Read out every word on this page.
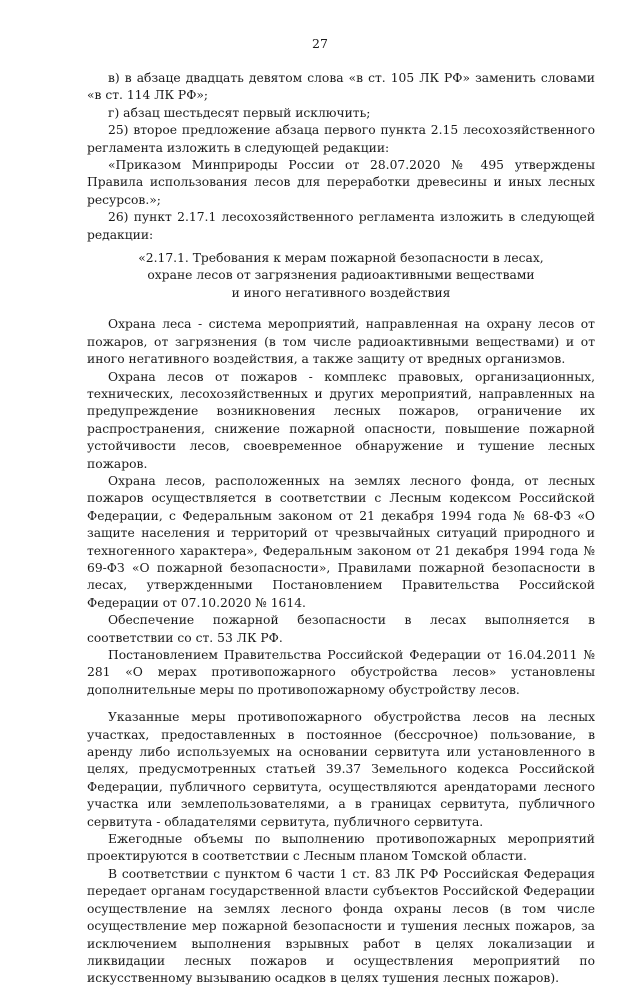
27

в) в абзаце двадцать девятом слова «в ст. 105 ЛК РФ» заменить словами «в ст. 114 ЛК РФ»;

г) абзац шестьдесят первый исключить;

25) второе предложение абзаца первого пункта 2.15 лесохозяйственного регламента изложить в следующей редакции:

«Приказом Минприроды России от 28.07.2020 № 495 утверждены Правила использования лесов для переработки древесины и иных лесных ресурсов.»;

26) пункт 2.17.1 лесохозяйственного регламента изложить в следующей редакции:

«2.17.1. Требования к мерам пожарной безопасности в лесах,
охране лесов от загрязнения радиоактивными веществами
и иного негативного воздействия

Охрана леса - система мероприятий, направленная на охрану лесов от пожаров, от загрязнения (в том числе радиоактивными веществами) и от иного негативного воздействия, а также защиту от вредных организмов.

Охрана лесов от пожаров - комплекс правовых, организационных, технических, лесохозяйственных и других мероприятий, направленных на предупреждение возникновения лесных пожаров, ограничение их распространения, снижение пожарной опасности, повышение пожарной устойчивости лесов, своевременное обнаружение и тушение лесных пожаров.

Охрана лесов, расположенных на землях лесного фонда, от лесных пожаров осуществляется в соответствии с Лесным кодексом Российской Федерации, с Федеральным законом от 21 декабря 1994 года № 68-ФЗ «О защите населения и территорий от чрезвычайных ситуаций природного и техногенного характера», Федеральным законом от 21 декабря 1994 года № 69-ФЗ «О пожарной безопасности», Правилами пожарной безопасности в лесах, утвержденными Постановлением Правительства Российской Федерации от 07.10.2020 № 1614.

Обеспечение пожарной безопасности в лесах выполняется в соответствии со ст. 53 ЛК РФ.

Постановлением Правительства Российской Федерации от 16.04.2011 № 281 «О мерах противопожарного обустройства лесов» установлены дополнительные меры по противопожарному обустройству лесов.

Указанные меры противопожарного обустройства лесов на лесных участках, предоставленных в постоянное (бессрочное) пользование, в аренду либо используемых на основании сервитута или установленного в целях, предусмотренных статьей 39.37 Земельного кодекса Российской Федерации, публичного сервитута, осуществляются арендаторами лесного участка или землепользователями, а в границах сервитута, публичного сервитута - обладателями сервитута, публичного сервитута.

Ежегодные объемы по выполнению противопожарных мероприятий проектируются в соответствии с Лесным планом Томской области.

В соответствии с пунктом 6 части 1 ст. 83 ЛК РФ Российская Федерация передает органам государственной власти субъектов Российской Федерации осуществление на землях лесного фонда охраны лесов (в том числе осуществление мер пожарной безопасности и тушения лесных пожаров, за исключением выполнения взрывных работ в целях локализации и ликвидации лесных пожаров и осуществления мероприятий по искусственному вызыванию осадков в целях тушения лесных пожаров).
